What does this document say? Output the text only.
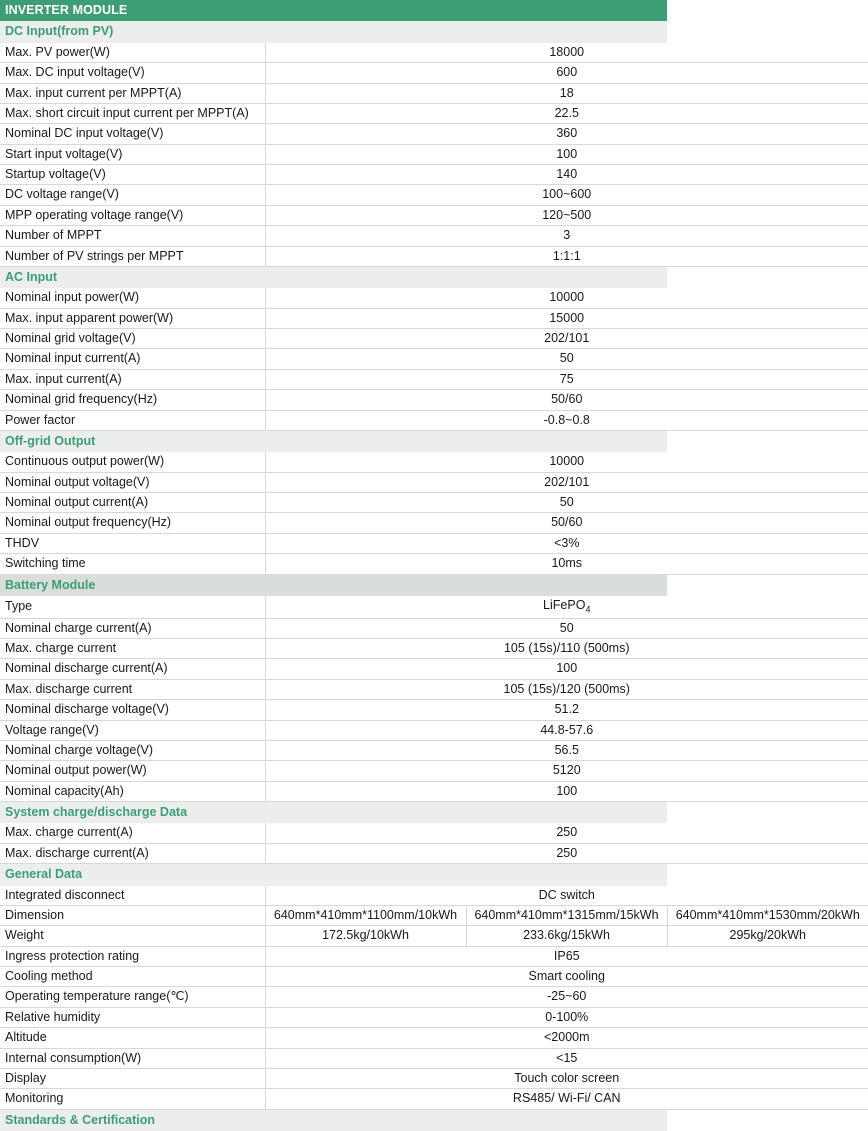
INVERTER MODULE			
DC Input(from PV)			
Max. PV power(W)	18000		
Max. DC input voltage(V)	600		
Max. input current per MPPT(A)	18		
Max. short circuit input current per MPPT(A)	22.5		
Nominal DC input voltage(V)	360		
Start input voltage(V)	100		
Startup voltage(V)	140		
DC voltage range(V)	100~600		
MPP operating voltage range(V)	120~500		
Number of MPPT	3		
Number of PV strings per MPPT	1:1:1		
AC Input			
Nominal input power(W)	10000		
Max. input apparent power(W)	15000		
Nominal grid voltage(V)	202/101		
Nominal input current(A)	50		
Max. input current(A)	75		
Nominal grid frequency(Hz)	50/60		
Power factor	-0.8~0.8		
Off-grid Output			
Continuous output power(W)	10000		
Nominal output voltage(V)	202/101		
Nominal output current(A)	50		
Nominal output frequency(Hz)	50/60		
THDV	<3%		
Switching time	10ms		
Battery Module			
Type	LiFePO$_4$
Nominal charge current(A)	50		
Max. charge current	105 (15s)/110 (500ms)		
Nominal discharge current(A)	100		
Max. discharge current	105 (15s)/120 (500ms)		
Nominal discharge voltage(V)	51.2		
Voltage range(V)	44.8-57.6		
Nominal charge voltage(V)	56.5		
Nominal output power(W)	5120		
Nominal capacity(Ah)	100		
System charge/discharge Data			
Max. charge current(A)	250		
Max. discharge current(A)	250		
General Data			
Integrated disconnect	DC switch		
Dimension	640mm*410mm*1100mm/10kWh	640mm*410mm*1315mm/15kWh	640mm*410mm*1530mm/20kWh
Weight	172.5kg/10kWh	233.6kg/15kWh	295kg/20kWh
Ingress protection rating	IP65		
Cooling method	Smart cooling		
Operating temperature range(℃)	-25~60		
Relative humidity	0-100%		
Altitude	<2000m		
Internal consumption(W)	<15		
Display	Touch color screen		
Monitoring	RS485/ Wi-Fi/ CAN		
Standards & Certification			
